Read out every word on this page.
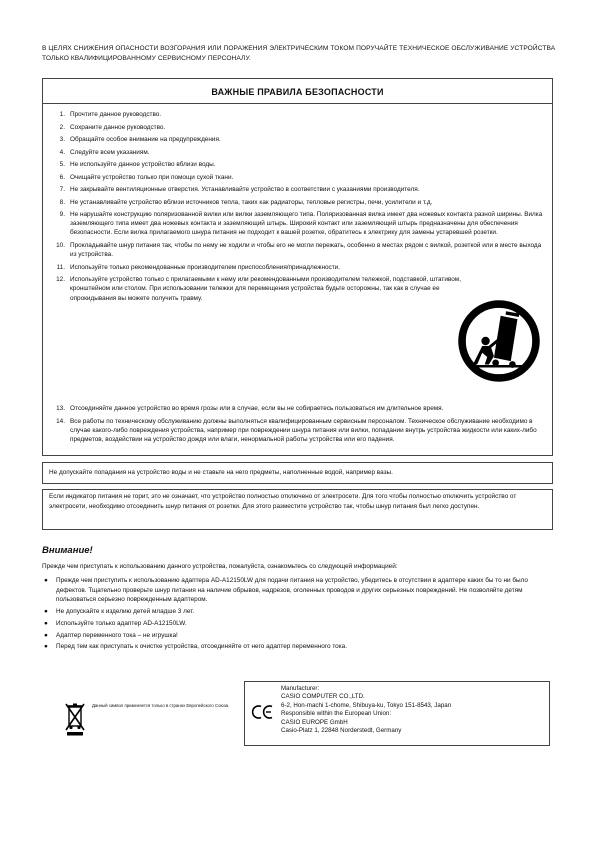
В ЦЕЛЯХ СНИЖЕНИЯ ОПАСНОСТИ ВОЗГОРАНИЯ ИЛИ ПОРАЖЕНИЯ ЭЛЕКТРИЧЕСКИМ ТОКОМ ПОРУЧАЙТЕ ТЕХНИЧЕСКОЕ ОБСЛУЖИВАНИЕ УСТРОЙСТВА ТОЛЬКО КВАЛИФИЦИРОВАННОМУ СЕРВИСНОМУ ПЕРСОНАЛУ.
ВАЖНЫЕ ПРАВИЛА БЕЗОПАСНОСТИ
1. Прочтите данное руководство.
2. Сохраните данное руководство.
3. Обращайте особое внимание на предупреждения.
4. Следуйте всем указаниям.
5. Не используйте данное устройство вблизи воды.
6. Очищайте устройство только при помощи сухой ткани.
7. Не закрывайте вентиляционные отверстия. Устанавливайте устройство в соответствии с указаниями производителя.
8. Не устанавливайте устройство вблизи источников тепла, таких как радиаторы, тепловые регистры, печи, усилители и т.д.
9. Не нарушайте конструкцию поляризованной вилки или вилки заземляющего типа. Поляризованная вилка имеет два ножевых контакта разной ширины. Вилка заземляющего типа имеет два ножевых контакта и заземляющий штырь. Широкий контакт или заземляющий штырь предназначены для обеспечения безопасности. Если вилка прилагаемого шнура питания не подходит к вашей розетке, обратитесь к электрику для замены устаревшей розетки.
10. Прокладывайте шнур питания так, чтобы по нему не ходили и чтобы его не могли пережать, особенно в местах рядом с вилкой, розеткой или в месте выхода из устройства.
11. Используйте только рекомендованные производителем приспособления/принадлежности.
12. Используйте устройство только с прилагаемыми к нему или рекомендованными производителем тележкой, подставкой, штативом, кронштейном или столом. При использовании тележки для перемещения устройства будьте осторожны, так как в случае ее опрокидывания вы можете получить травму.
13. Отсоединяйте данное устройство во время грозы или в случае, если вы не собираетесь пользоваться им длительное время.
14. Все работы по техническому обслуживанию должны выполняться квалифицированным сервисным персоналом. Техническое обслуживание необходимо в случае какого-либо повреждения устройства, например при повреждении шнура питания или вилки, попадании внутрь устройства жидкости или каких-либо предметов, воздействии на устройство дождя или влаги, ненормальной работы устройства или его падения.
Не допускайте попадания на устройство воды и не ставьте на него предметы, наполненные водой, например вазы.
Если индикатор питания не горит, это не означает, что устройство полностью отключено от электросети. Для того чтобы полностью отключить устройство от электросети, необходимо отсоединить шнур питания от розетки. Для этого разместите устройство так, чтобы шнур питания был легко доступен.
Внимание!
Прежде чем приступать к использованию данного устройства, пожалуйста, ознакомьтесь со следующей информацией:
●	Прежде чем приступить к использованию адаптера AD-A12150LW для подачи питания на устройство, убедитесь в отсутствии в адаптере каких бы то ни было дефектов. Тщательно проверьте шнур питания на наличие обрывов, надрезов, оголенных проводов и других серьезных повреждений. Не позволяйте детям пользоваться серьезно поврежденным адаптером.
●	Не допускайте к изделию детей младше 3 лет.
●	Используйте только адаптер AD-A12150LW.
●	Адаптер переменного тока – не игрушка!
●	Перед тем как приступать к очистке устройства, отсоединяйте от него адаптер переменного тока.
Данный символ применяется только в странах Европейского Союза.	CE
Manufacturer:
CASIO COMPUTER CO.,LTD.
6-2, Hon-machi 1-chome, Shibuya-ku, Tokyo 151-8543, Japan
Responsible within the European Union:
CASIO EUROPE GmbH
Casio-Platz 1, 22848 Norderstedt, Germany
